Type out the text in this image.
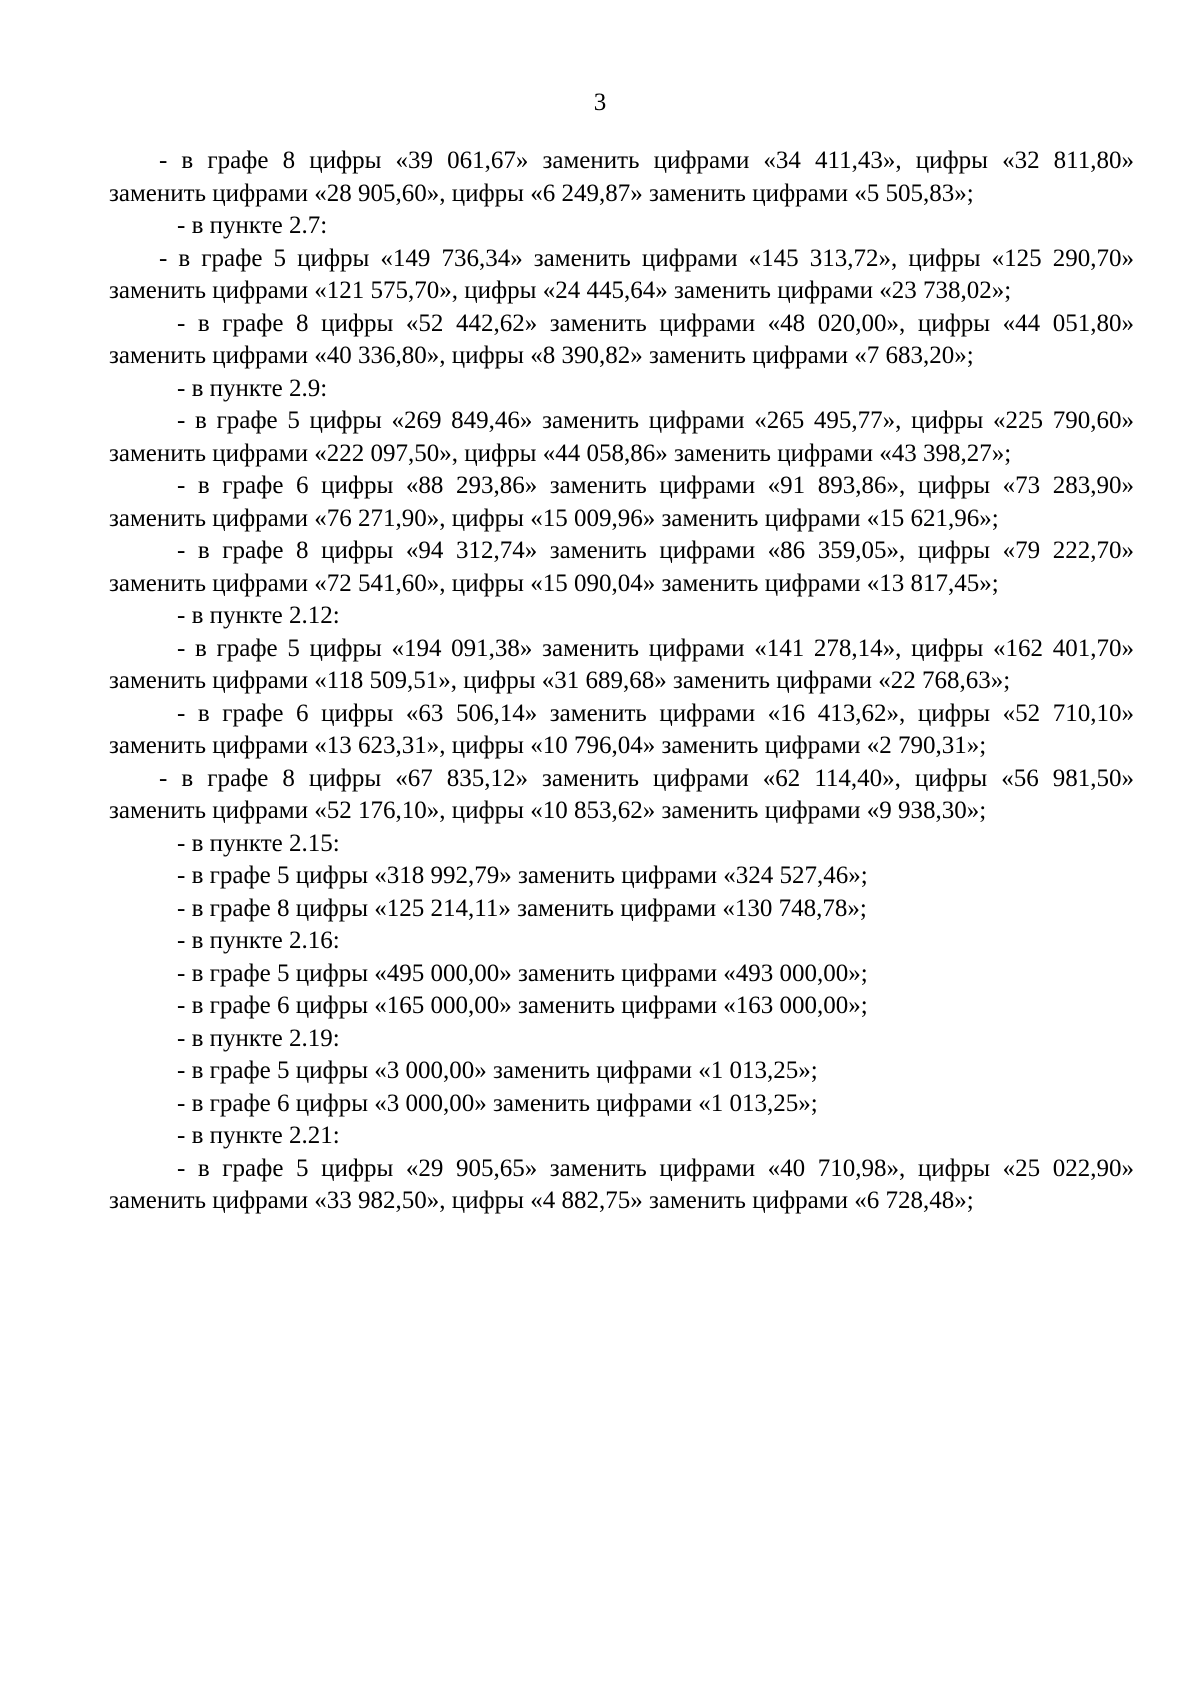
3

- в графе 8 цифры «39 061,67» заменить цифрами «34 411,43», цифры «32 811,80» заменить цифрами «28 905,60», цифры «6 249,87» заменить цифрами «5 505,83»;

- в пункте 2.7:

- в графе 5 цифры «149 736,34» заменить цифрами «145 313,72», цифры «125 290,70» заменить цифрами «121 575,70», цифры «24 445,64» заменить цифрами «23 738,02»;

- в графе 8 цифры «52 442,62» заменить цифрами «48 020,00», цифры «44 051,80» заменить цифрами «40 336,80», цифры «8 390,82» заменить цифрами «7 683,20»;

- в пункте 2.9:

- в графе 5 цифры «269 849,46» заменить цифрами «265 495,77», цифры «225 790,60» заменить цифрами «222 097,50», цифры «44 058,86» заменить цифрами «43 398,27»;

- в графе 6 цифры «88 293,86» заменить цифрами «91 893,86», цифры «73 283,90» заменить цифрами «76 271,90», цифры «15 009,96» заменить цифрами «15 621,96»;

- в графе 8 цифры «94 312,74» заменить цифрами «86 359,05», цифры «79 222,70» заменить цифрами «72 541,60», цифры «15 090,04» заменить цифрами «13 817,45»;

- в пункте 2.12:

- в графе 5 цифры «194 091,38» заменить цифрами «141 278,14», цифры «162 401,70» заменить цифрами «118 509,51», цифры «31 689,68» заменить цифрами «22 768,63»;

- в графе 6 цифры «63 506,14» заменить цифрами «16 413,62», цифры «52 710,10» заменить цифрами «13 623,31», цифры «10 796,04» заменить цифрами «2 790,31»;

- в графе 8 цифры «67 835,12» заменить цифрами «62 114,40», цифры «56 981,50» заменить цифрами «52 176,10», цифры «10 853,62» заменить цифрами «9 938,30»;

- в пункте 2.15:

- в графе 5 цифры «318 992,79» заменить цифрами «324 527,46»;

- в графе 8 цифры «125 214,11» заменить цифрами «130 748,78»;

- в пункте 2.16:

- в графе 5 цифры «495 000,00» заменить цифрами «493 000,00»;

- в графе 6 цифры «165 000,00» заменить цифрами «163 000,00»;

- в пункте 2.19:

- в графе 5 цифры «3 000,00» заменить цифрами «1 013,25»;

- в графе 6 цифры «3 000,00» заменить цифрами «1 013,25»;

- в пункте 2.21:

- в графе 5 цифры «29 905,65» заменить цифрами «40 710,98», цифры «25 022,90» заменить цифрами «33 982,50», цифры «4 882,75» заменить цифрами «6 728,48»;
